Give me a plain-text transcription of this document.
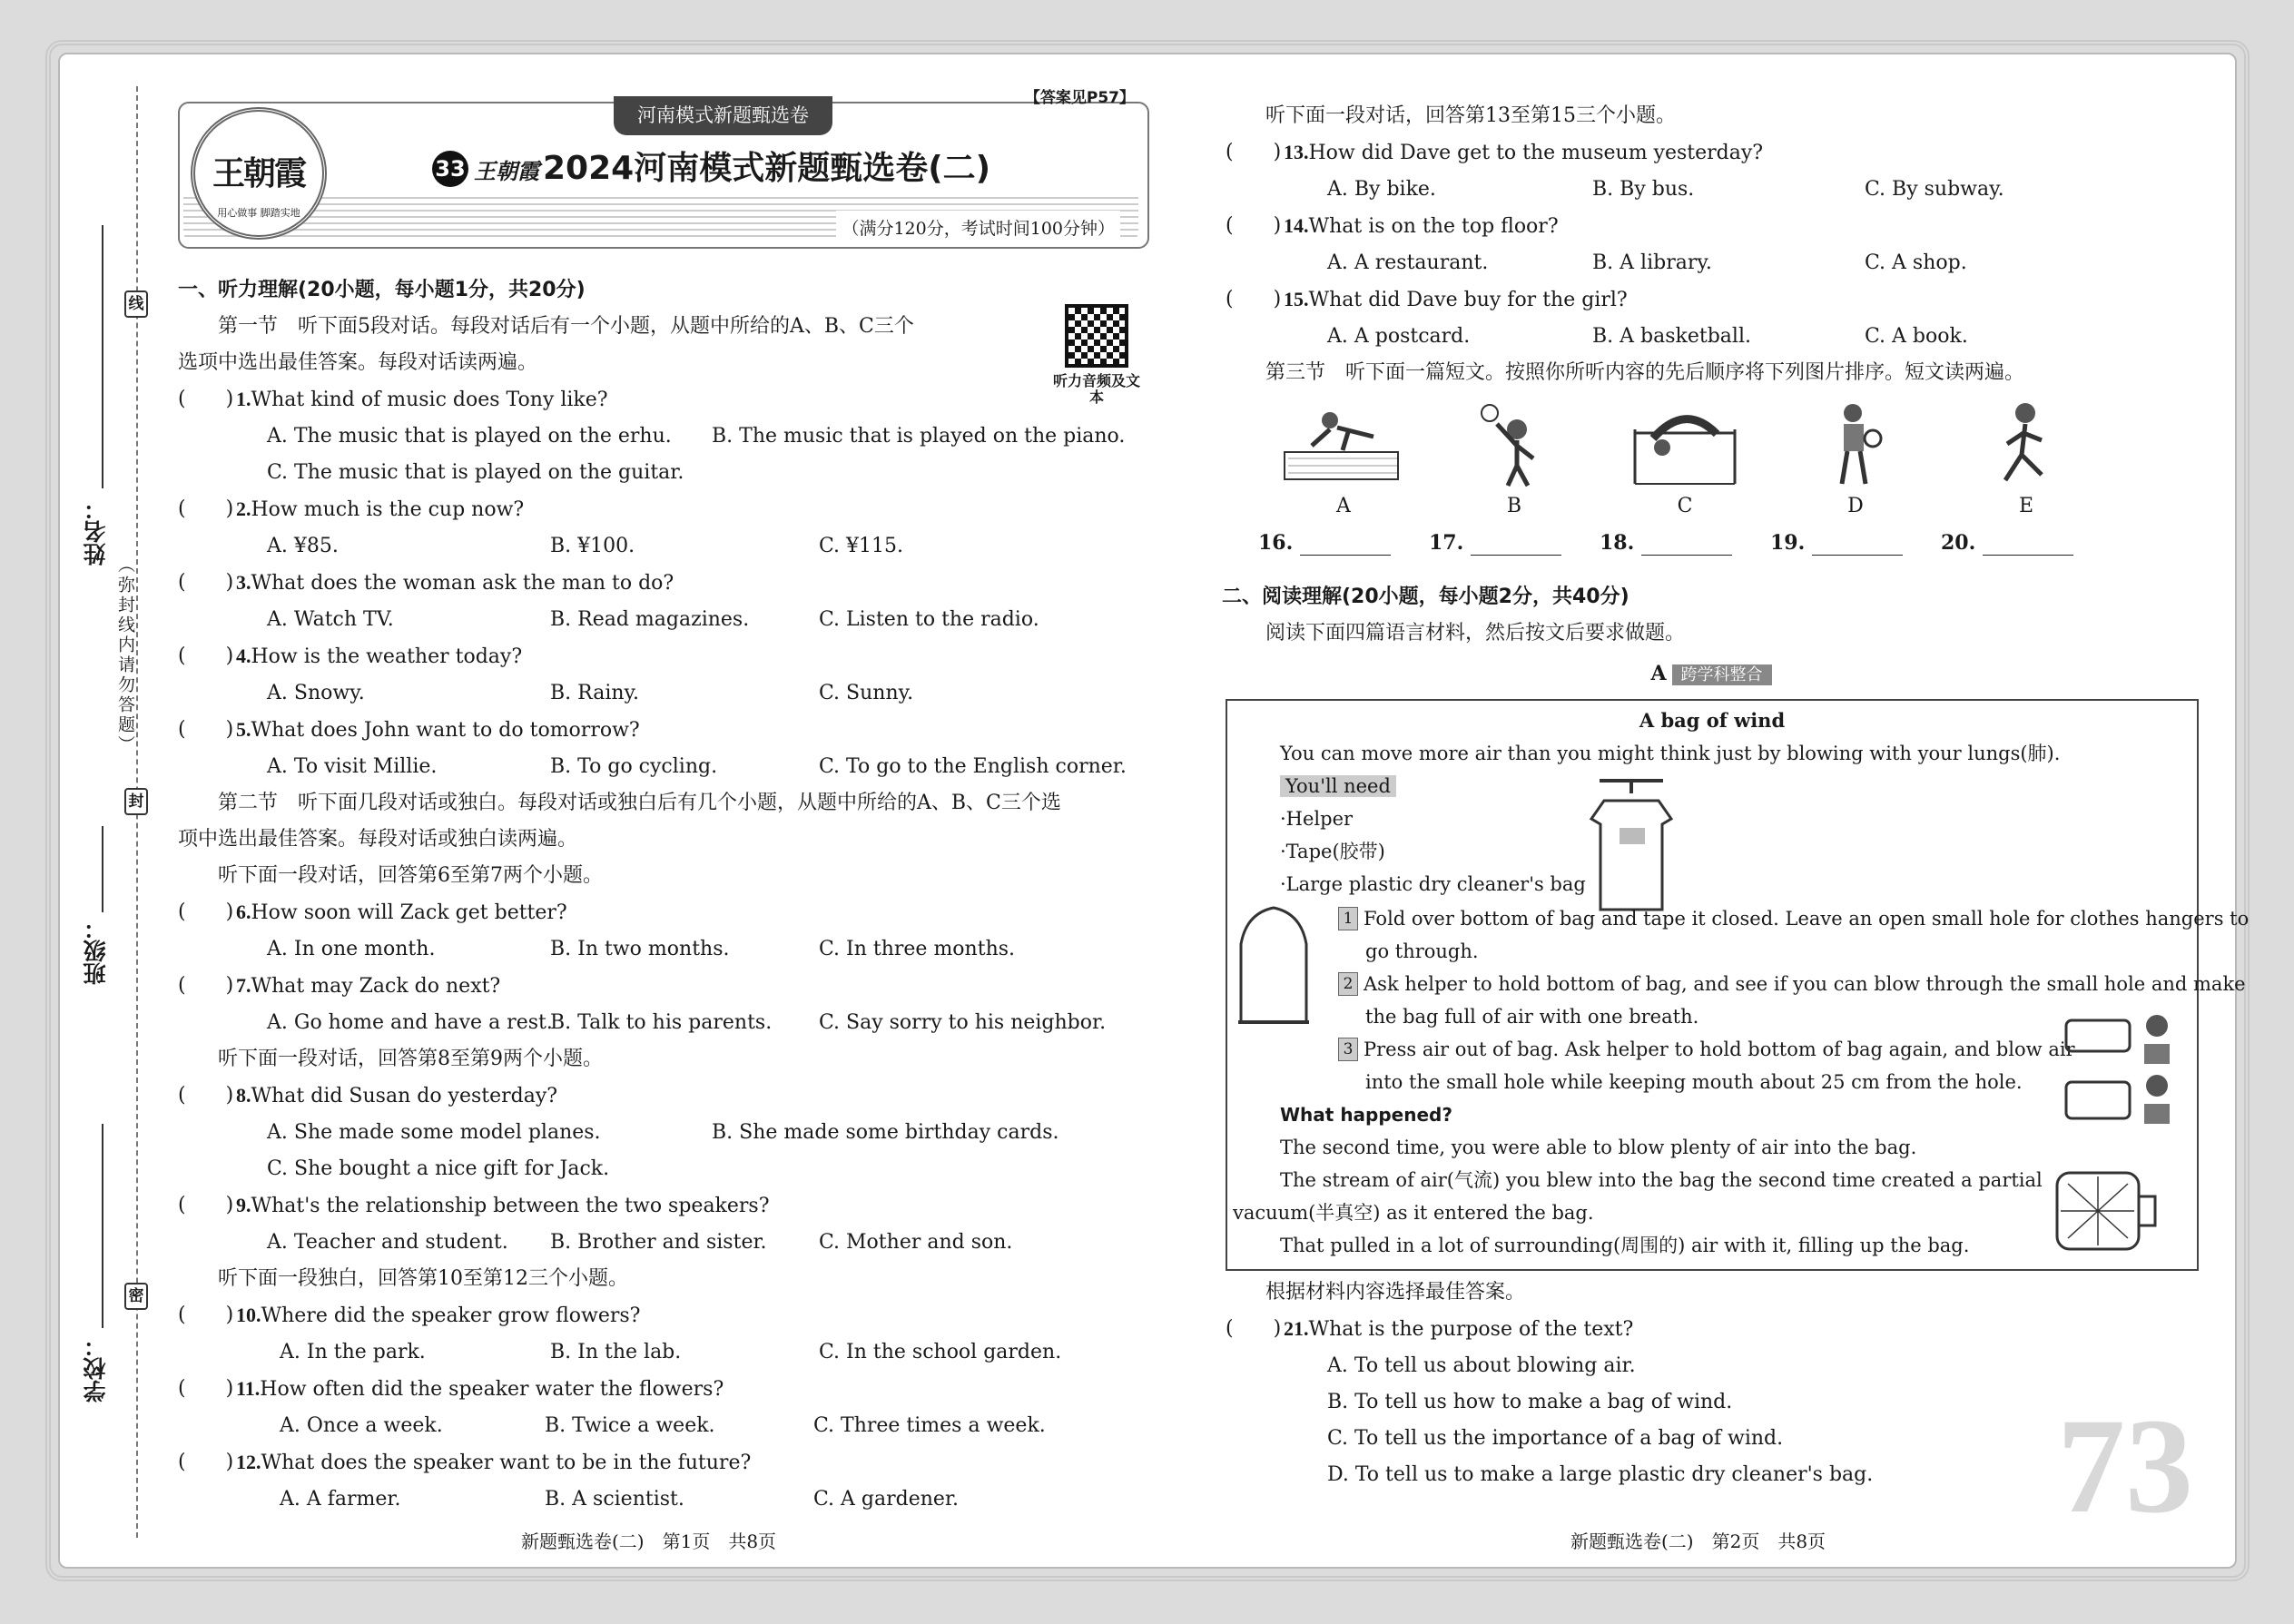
线
封
密
（弥封线内请勿答题）
姓名：
班级：
学校：
王朝霞
用心做事 脚踏实地
河南模式新题甄选卷
【答案见P57】
33 王朝霞 2024河南模式新题甄选卷(二)
（满分120分，考试时间100分钟）
一、听力理解(20小题，每小题1分，共20分)
听力音频及文本
第一节　听下面5段对话。每段对话后有一个小题，从题中所给的A、B、C三个
选项中选出最佳答案。每段对话读两遍。
(　　) 1.What kind of music does Tony like?
A. The music that is played on the erhu.	B. The music that is played on the piano.
C. The music that is played on the guitar.
(　　) 2.How much is the cup now?
A. ¥85.	B. ¥100.	C. ¥115.
(　　) 3.What does the woman ask the man to do?
A. Watch TV.	B. Read magazines.	C. Listen to the radio.
(　　) 4.How is the weather today?
A. Snowy.	B. Rainy.	C. Sunny.
(　　) 5.What does John want to do tomorrow?
A. To visit Millie.	B. To go cycling.	C. To go to the English corner.
第二节　听下面几段对话或独白。每段对话或独白后有几个小题，从题中所给的A、B、C三个选
项中选出最佳答案。每段对话或独白读两遍。
听下面一段对话，回答第6至第7两个小题。
(　　) 6.How soon will Zack get better?
A. In one month.	B. In two months.	C. In three months.
(　　) 7.What may Zack do next?
A. Go home and have a rest.
B. Talk to his parents.	C. Say sorry to his neighbor.
听下面一段对话，回答第8至第9两个小题。
(　　) 8.What did Susan do yesterday?
A. She made some model planes.	B. She made some birthday cards.
C. She bought a nice gift for Jack.
(　　) 9.What's the relationship between the two speakers?
A. Teacher and student.	B. Brother and sister.	C. Mother and son.
听下面一段独白，回答第10至第12三个小题。
(　　) 10.Where did the speaker grow flowers?
A. In the park.	B. In the lab.	C. In the school garden.
(　　) 11.How often did the speaker water the flowers?
A. Once a week.	B. Twice a week.	C. Three times a week.
(　　) 12.What does the speaker want to be in the future?
A. A farmer.	B. A scientist.	C. A gardener.
听下面一段对话，回答第13至第15三个小题。
(　　) 13.How did Dave get to the museum yesterday?
A. By bike.	B. By bus.	C. By subway.
(　　) 14.What is on the top floor?
A. A restaurant.	B. A library.	C. A shop.
(　　) 15.What did Dave buy for the girl?
A. A postcard.	B. A basketball.	C. A book.
第三节　听下面一篇短文。按照你所听内容的先后顺序将下列图片排序。短文读两遍。
A	B	C	D	E
16.	17.	18.	19.	20.
二、阅读理解(20小题，每小题2分，共40分)
阅读下面四篇语言材料，然后按文后要求做题。
A 跨学科整合
A bag of wind
You can move more air than you might think just by blowing with your lungs(肺).
You'll need
·Helper
·Tape(胶带)
·Large plastic dry cleaner's bag
1 Fold over bottom of bag and tape it closed. Leave an open small hole for clothes hangers to
go through.
2 Ask helper to hold bottom of bag, and see if you can blow through the small hole and make
the bag full of air with one breath.
3 Press air out of bag. Ask helper to hold bottom of bag again, and blow air
into the small hole while keeping mouth about 25 cm from the hole.
What happened?
The second time, you were able to blow plenty of air into the bag.
The stream of air(气流) you blew into the bag the second time created a partial
vacuum(半真空) as it entered the bag.
That pulled in a lot of surrounding(周围的) air with it, filling up the bag.
根据材料内容选择最佳答案。
(　　) 21.What is the purpose of the text?
A. To tell us about blowing air.
B. To tell us how to make a bag of wind.
C. To tell us the importance of a bag of wind.
D. To tell us to make a large plastic dry cleaner's bag. 73
新题甄选卷(二)　第1页　共8页	新题甄选卷(二)　第2页　共8页
